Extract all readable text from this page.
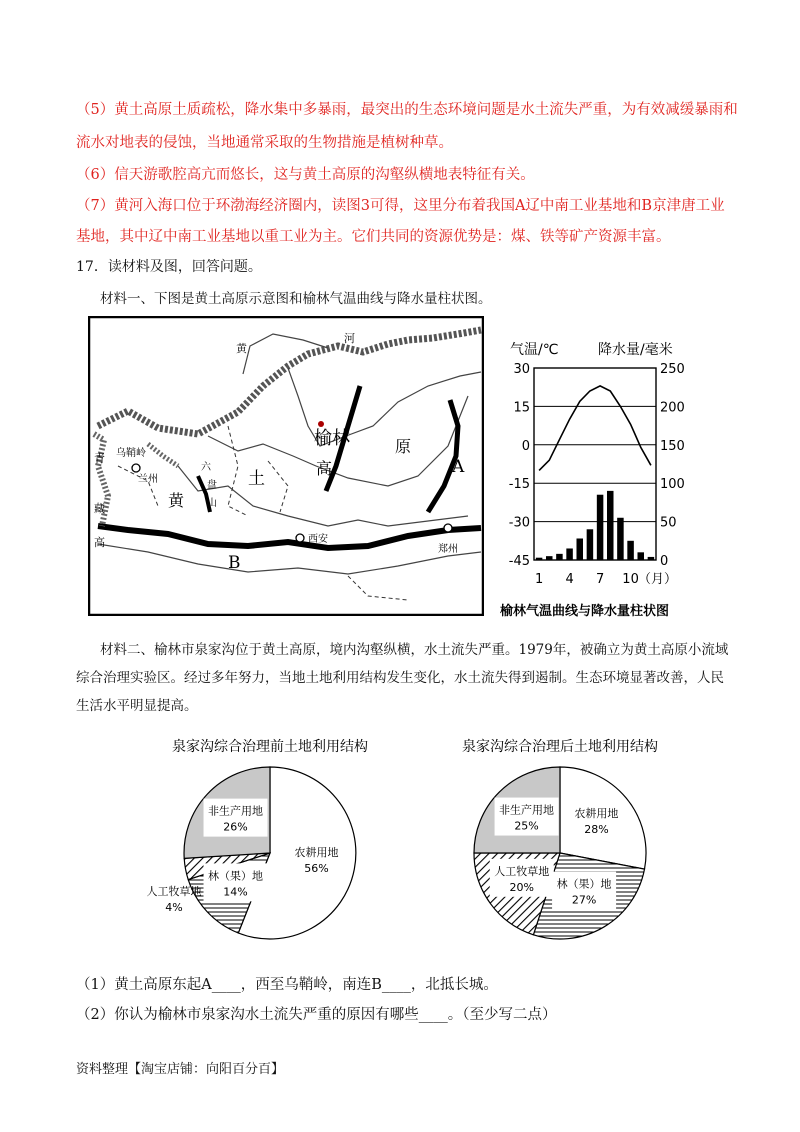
（5）黄土高原土质疏松，降水集中多暴雨，最突出的生态环境问题是水土流失严重，为有效减缓暴雨和
流水对地表的侵蚀，当地通常采取的生物措施是植树种草。
（6）信天游歌腔高亢而悠长，这与黄土高原的沟壑纵横地表特征有关。
（7）黄河入海口位于环渤海经济圈内，读图3可得，这里分布着我国A辽中南工业基地和B京津唐工业
基地，其中辽中南工业基地以重工业为主。它们共同的资源优势是：煤、铁等矿产资源丰富。
17．读材料及图，回答问题。
材料一、下图是黄土高原示意图和榆林气温曲线与降水量柱状图。
黄
河
榆林	原
高	A
B
青
藏
高
乌鞘岭
兰州
黄
土
六
盘
山
西安
郑州
气温/℃	降水量/毫米
30
15
0
-15
-30
-45
250
200
150
100
50
0
1 4 7 10 （月）
榆林气温曲线与降水量柱状图
材料二、榆林市泉家沟位于黄土高原，境内沟壑纵横，水土流失严重。1979年，被确立为黄土高原小流域综合治理实验区。经过多年努力，当地土地利用结构发生变化，水土流失得到遏制。生态环境显著改善，人民生活水平明显提高。
泉家沟综合治理前土地利用结构
农耕用地
56%
林（果）地
14%
人工牧草地
4%
非生产用地
26%
泉家沟综合治理后土地利用结构
农耕用地
28%
林（果）地
27%
人工牧草地
20%
非生产用地
25%
（1）黄土高原东起A____，西至乌鞘岭，南连B____，北抵长城。
（2）你认为榆林市泉家沟水土流失严重的原因有哪些____。（至少写二点）
资料整理【淘宝店铺：向阳百分百】
